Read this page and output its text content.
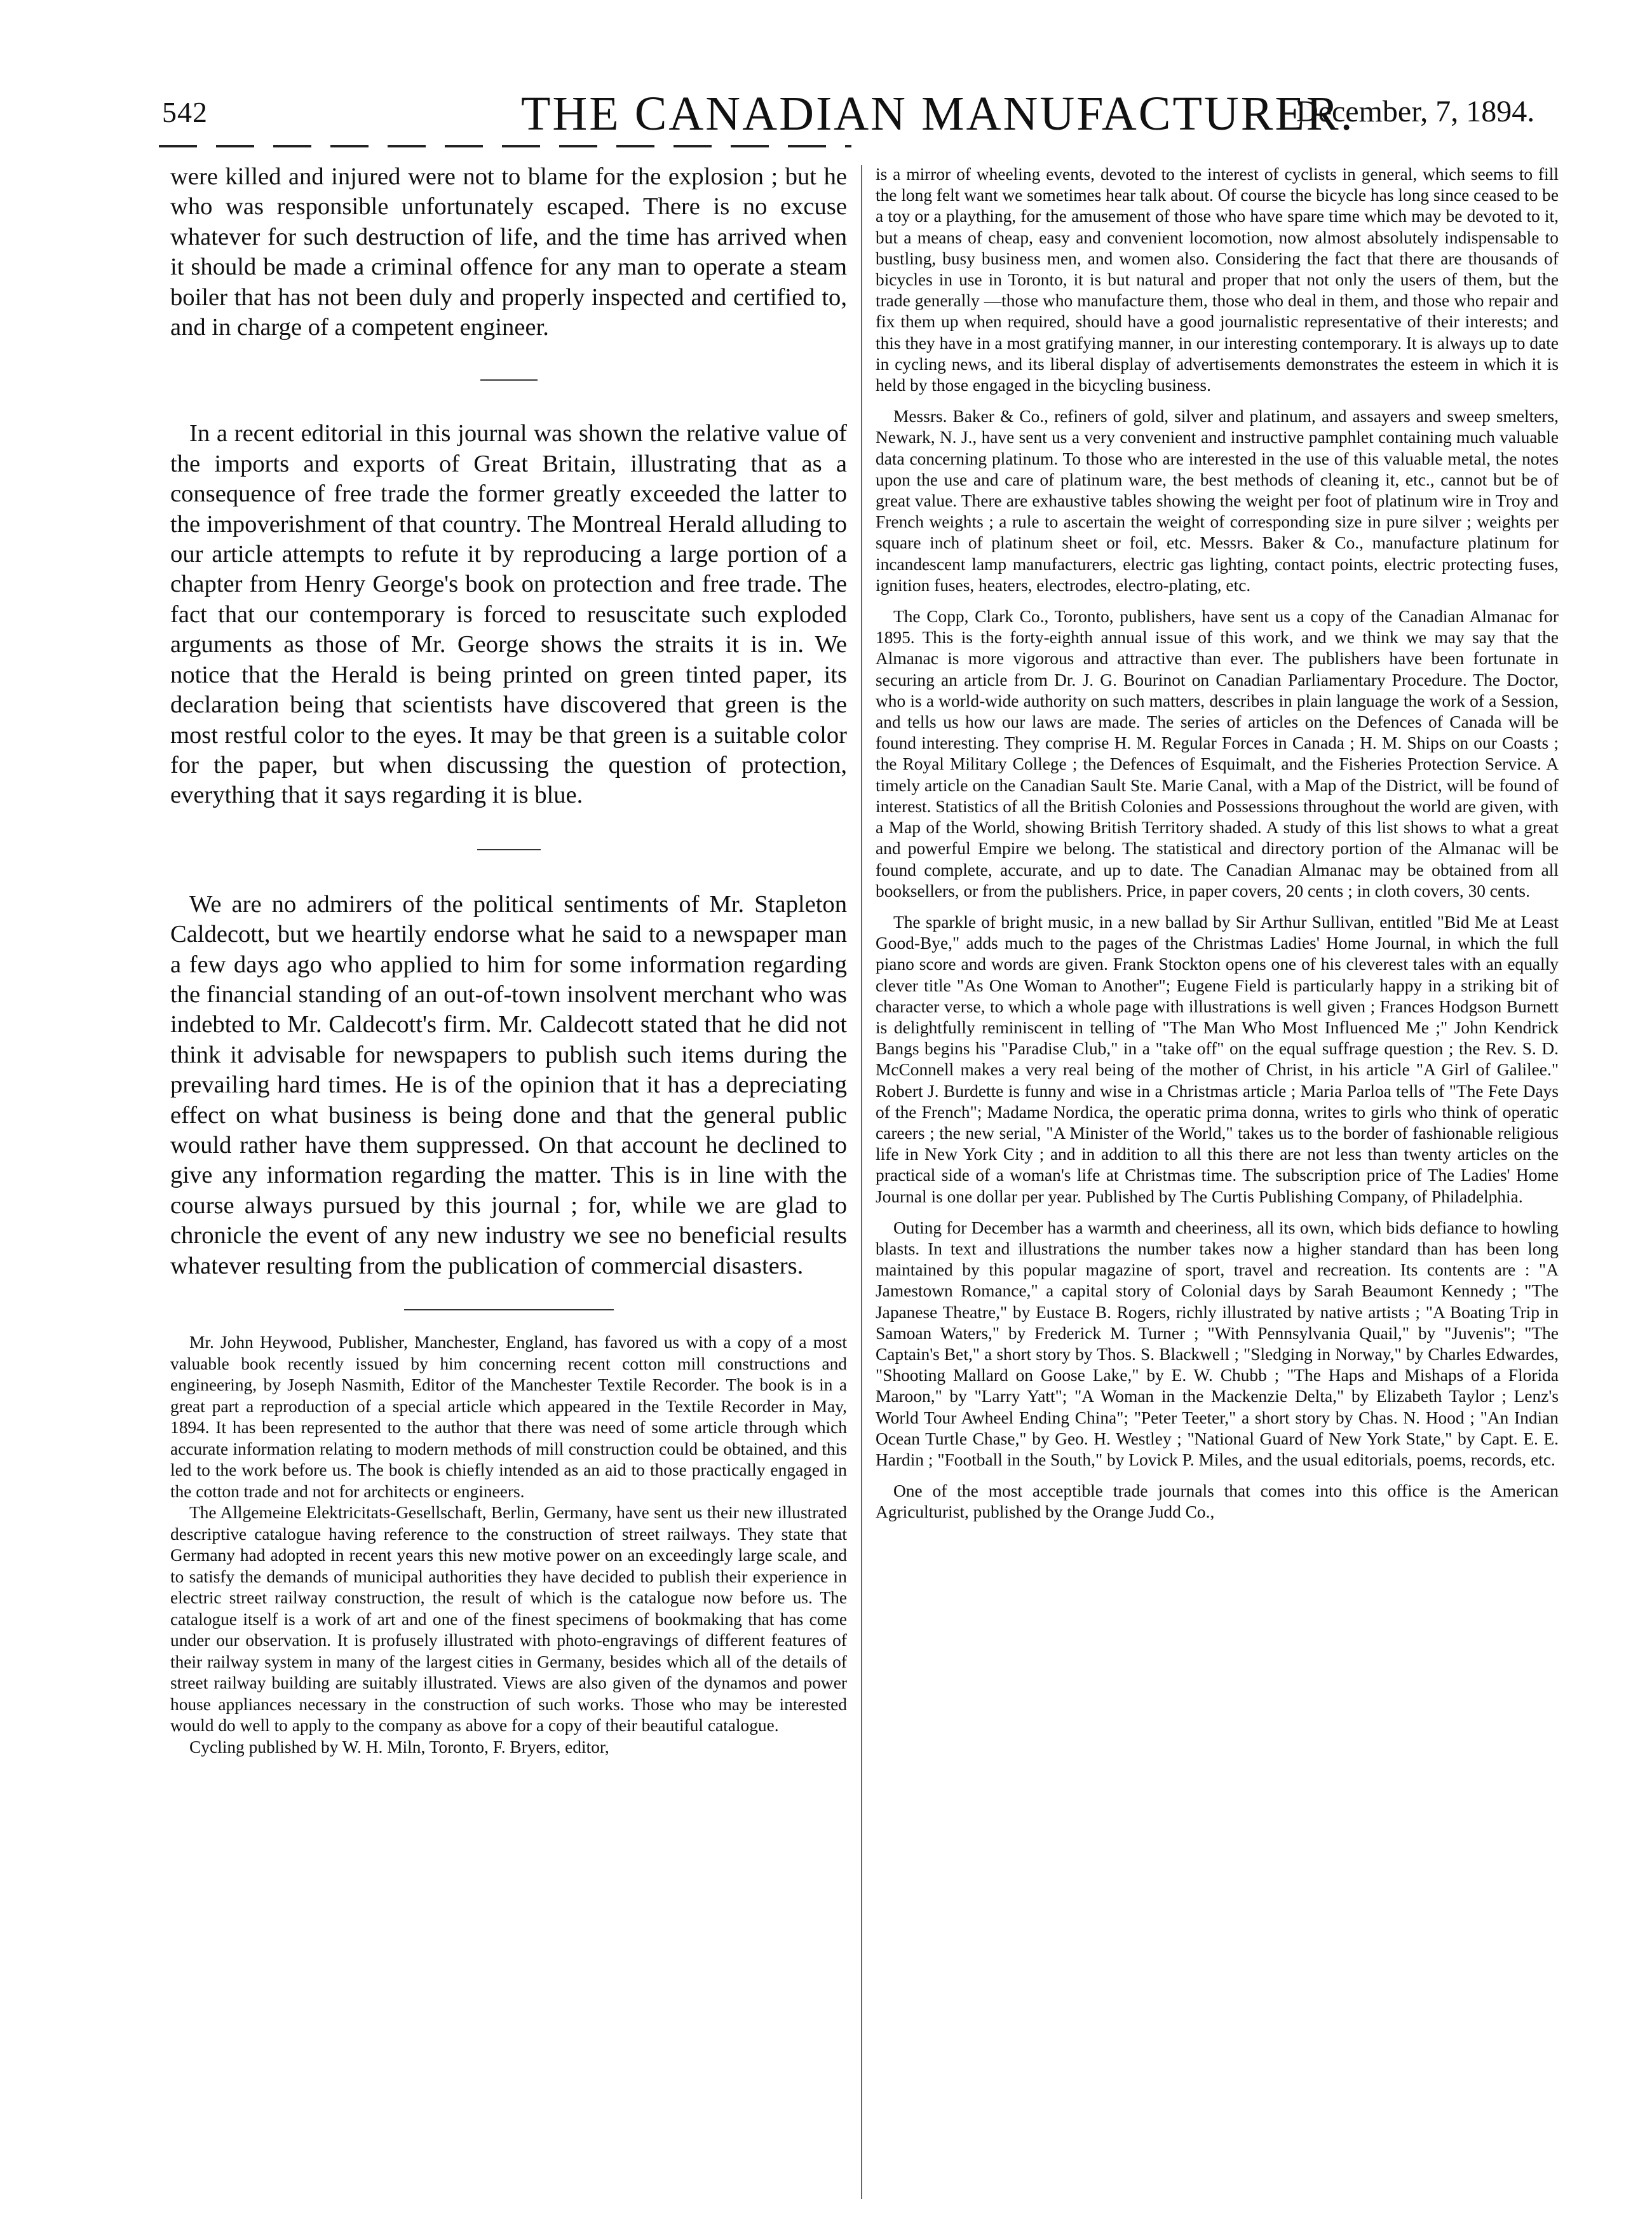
542	THE CANADIAN MANUFACTURER.
December, 7, 1894.

were killed and injured were not to blame for the explosion ; but he who was responsible unfortunately escaped. There is no excuse whatever for such destruction of life, and the time has arrived when it should be made a criminal offence for any man to operate a steam boiler that has not been duly and properly inspected and certified to, and in charge of a competent engineer.

In a recent editorial in this journal was shown the relative value of the imports and exports of Great Britain, illustrating that as a consequence of free trade the former greatly exceeded the latter to the impoverishment of that country. The Montreal Herald alluding to our article attempts to refute it by reproducing a large portion of a chapter from Henry George's book on protection and free trade. The fact that our contemporary is forced to resuscitate such exploded arguments as those of Mr. George shows the straits it is in. We notice that the Herald is being printed on green tinted paper, its declaration being that scientists have discovered that green is the most restful color to the eyes. It may be that green is a suitable color for the paper, but when discussing the question of protection, everything that it says regarding it is blue.

We are no admirers of the political sentiments of Mr. Stapleton Caldecott, but we heartily endorse what he said to a newspaper man a few days ago who applied to him for some information regarding the financial standing of an out-of-town insolvent merchant who was indebted to Mr. Caldecott's firm. Mr. Caldecott stated that he did not think it advisable for newspapers to publish such items during the prevailing hard times. He is of the opinion that it has a depreciating effect on what business is being done and that the general public would rather have them suppressed. On that account he declined to give any information regarding the matter. This is in line with the course always pursued by this journal ; for, while we are glad to chronicle the event of any new industry we see no beneficial results whatever resulting from the publication of commercial disasters.

Mr. John Heywood, Publisher, Manchester, England, has favored us with a copy of a most valuable book recently issued by him concerning recent cotton mill constructions and engineering, by Joseph Nasmith, Editor of the Manchester Textile Recorder. The book is in a great part a reproduction of a special article which appeared in the Textile Recorder in May, 1894. It has been represented to the author that there was need of some article through which accurate information relating to modern methods of mill construction could be obtained, and this led to the work before us. The book is chiefly intended as an aid to those practically engaged in the cotton trade and not for architects or engineers.

The Allgemeine Elektricitats-Gesellschaft, Berlin, Germany, have sent us their new illustrated descriptive catalogue having reference to the construction of street railways. They state that Germany had adopted in recent years this new motive power on an exceedingly large scale, and to satisfy the demands of municipal authorities they have decided to publish their experience in electric street railway construction, the result of which is the catalogue now before us. The catalogue itself is a work of art and one of the finest specimens of bookmaking that has come under our observation. It is profusely illustrated with photo-engravings of different features of their railway system in many of the largest cities in Germany, besides which all of the details of street railway building are suitably illustrated. Views are also given of the dynamos and power house appliances necessary in the construction of such works. Those who may be interested would do well to apply to the company as above for a copy of their beautiful catalogue.

Cycling published by W. H. Miln, Toronto, F. Bryers, editor,

is a mirror of wheeling events, devoted to the interest of cyclists in general, which seems to fill the long felt want we sometimes hear talk about. Of course the bicycle has long since ceased to be a toy or a plaything, for the amusement of those who have spare time which may be devoted to it, but a means of cheap, easy and convenient locomotion, now almost absolutely indispensable to bustling, busy business men, and women also. Considering the fact that there are thousands of bicycles in use in Toronto, it is but natural and proper that not only the users of them, but the trade generally —those who manufacture them, those who deal in them, and those who repair and fix them up when required, should have a good journalistic representative of their interests; and this they have in a most gratifying manner, in our interesting contemporary. It is always up to date in cycling news, and its liberal display of advertisements demonstrates the esteem in which it is held by those engaged in the bicycling business.

Messrs. Baker & Co., refiners of gold, silver and platinum, and assayers and sweep smelters, Newark, N. J., have sent us a very convenient and instructive pamphlet containing much valuable data concerning platinum. To those who are interested in the use of this valuable metal, the notes upon the use and care of platinum ware, the best methods of cleaning it, etc., cannot but be of great value. There are exhaustive tables showing the weight per foot of platinum wire in Troy and French weights ; a rule to ascertain the weight of corresponding size in pure silver ; weights per square inch of platinum sheet or foil, etc. Messrs. Baker & Co., manufacture platinum for incandescent lamp manufacturers, electric gas lighting, contact points, electric protecting fuses, ignition fuses, heaters, electrodes, electro-plating, etc.

The Copp, Clark Co., Toronto, publishers, have sent us a copy of the Canadian Almanac for 1895. This is the forty-eighth annual issue of this work, and we think we may say that the Almanac is more vigorous and attractive than ever. The publishers have been fortunate in securing an article from Dr. J. G. Bourinot on Canadian Parliamentary Procedure. The Doctor, who is a world-wide authority on such matters, describes in plain language the work of a Session, and tells us how our laws are made. The series of articles on the Defences of Canada will be found interesting. They comprise H. M. Regular Forces in Canada ; H. M. Ships on our Coasts ; the Royal Military College ; the Defences of Esquimalt, and the Fisheries Protection Service. A timely article on the Canadian Sault Ste. Marie Canal, with a Map of the District, will be found of interest. Statistics of all the British Colonies and Possessions throughout the world are given, with a Map of the World, showing British Territory shaded. A study of this list shows to what a great and powerful Empire we belong. The statistical and directory portion of the Almanac will be found complete, accurate, and up to date. The Canadian Almanac may be obtained from all booksellers, or from the publishers. Price, in paper covers, 20 cents ; in cloth covers, 30 cents.

The sparkle of bright music, in a new ballad by Sir Arthur Sullivan, entitled "Bid Me at Least Good-Bye," adds much to the pages of the Christmas Ladies' Home Journal, in which the full piano score and words are given. Frank Stockton opens one of his cleverest tales with an equally clever title "As One Woman to Another"; Eugene Field is particularly happy in a striking bit of character verse, to which a whole page with illustrations is well given ; Frances Hodgson Burnett is delightfully reminiscent in telling of "The Man Who Most Influenced Me ;" John Kendrick Bangs begins his "Paradise Club," in a "take off" on the equal suffrage question ; the Rev. S. D. McConnell makes a very real being of the mother of Christ, in his article "A Girl of Galilee." Robert J. Burdette is funny and wise in a Christmas article ; Maria Parloa tells of "The Fete Days of the French"; Madame Nordica, the operatic prima donna, writes to girls who think of operatic careers ; the new serial, "A Minister of the World," takes us to the border of fashionable religious life in New York City ; and in addition to all this there are not less than twenty articles on the practical side of a woman's life at Christmas time. The subscription price of The Ladies' Home Journal is one dollar per year. Published by The Curtis Publishing Company, of Philadelphia.

Outing for December has a warmth and cheeriness, all its own, which bids defiance to howling blasts. In text and illustrations the number takes now a higher standard than has been long maintained by this popular magazine of sport, travel and recreation. Its contents are : "A Jamestown Romance," a capital story of Colonial days by Sarah Beaumont Kennedy ; "The Japanese Theatre," by Eustace B. Rogers, richly illustrated by native artists ; "A Boating Trip in Samoan Waters," by Frederick M. Turner ; "With Pennsylvania Quail," by "Juvenis"; "The Captain's Bet," a short story by Thos. S. Blackwell ; "Sledging in Norway," by Charles Edwardes, "Shooting Mallard on Goose Lake," by E. W. Chubb ; "The Haps and Mishaps of a Florida Maroon," by "Larry Yatt"; "A Woman in the Mackenzie Delta," by Elizabeth Taylor ; Lenz's World Tour Awheel Ending China"; "Peter Teeter," a short story by Chas. N. Hood ; "An Indian Ocean Turtle Chase," by Geo. H. Westley ; "National Guard of New York State," by Capt. E. E. Hardin ; "Football in the South," by Lovick P. Miles, and the usual editorials, poems, records, etc.

One of the most acceptible trade journals that comes into this office is the American Agriculturist, published by the Orange Judd Co.,
